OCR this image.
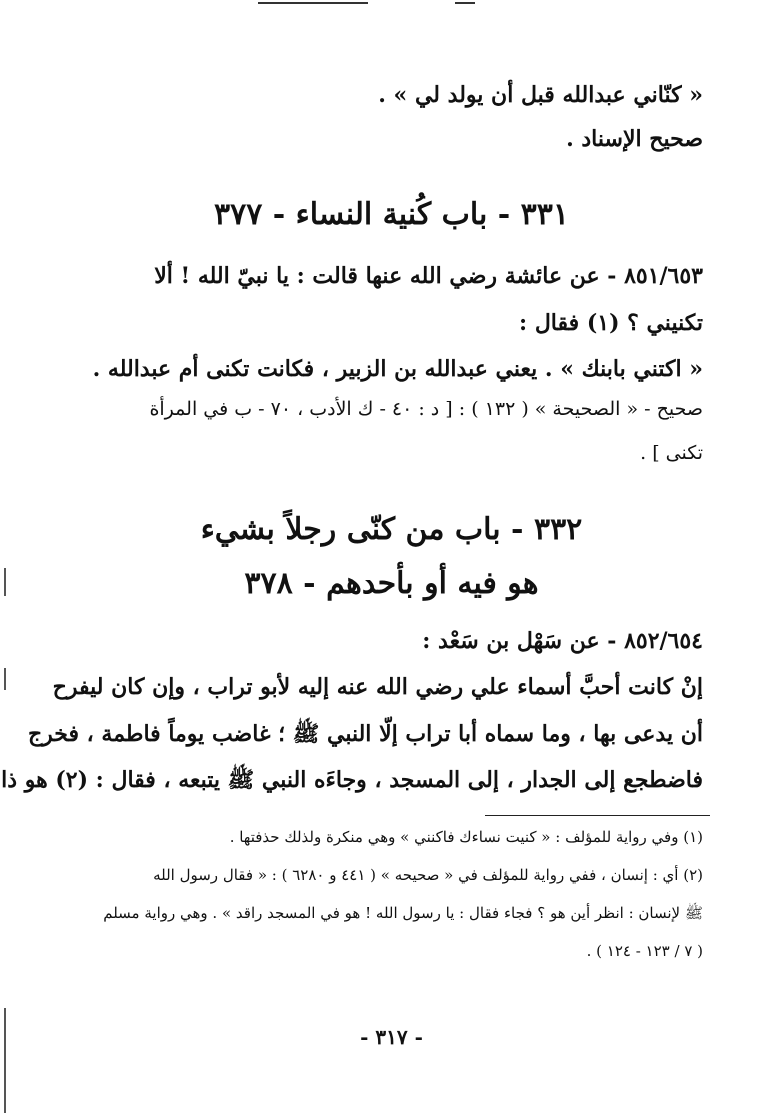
« كنّاني عبدالله قبل أن يولد لي » .
صحيح الإسناد .
٣٣١ - باب كُنية النساء - ٣٧٧
٨٥١/٦٥٣ - عن عائشة رضي الله عنها قالت : يا نبيّ الله ! ألا
تكنيني ؟ (١) فقال :
« اكتني بابنك » . يعني عبدالله بن الزبير ، فكانت تكنى أم عبدالله .
صحيح - « الصحيحة » ( ١٣٢ ) : [ د : ٤٠ - ك الأدب ، ٧٠ - ب في المرأة
تكنى ] .
٣٣٢ - باب من كنّى رجلاً بشيء
هو فيه أو بأحدهم - ٣٧٨
٨٥٢/٦٥٤ - عن سَهْل بن سَعْد :
إنْ كانت أحبَّ أسماء علي رضي الله عنه إليه لأبو تراب ، وإن كان ليفرح
أن يدعى بها ، وما سماه أبا تراب إلّا النبي ﷺ ؛ غاضب يوماً فاطمة ، فخرج
فاضطجع إلى الجدار ، إلى المسجد ، وجاءَه النبي ﷺ يتبعه ، فقال : (٢) هو ذا
(١) وفي رواية للمؤلف : « كنيت نساءك فاكنني » وهي منكرة ولذلك حذفتها .
(٢) أي : إنسان ، ففي رواية للمؤلف في « صحيحه » ( ٤٤١ و ٦٢٨٠ ) : « فقال رسول الله
ﷺ لإنسان : انظر أين هو ؟ فجاء فقال : يا رسول الله ! هو في المسجد راقد » . وهي رواية مسلم
( ٧ / ١٢٣ - ١٢٤ ) .
- ٣١٧ -
